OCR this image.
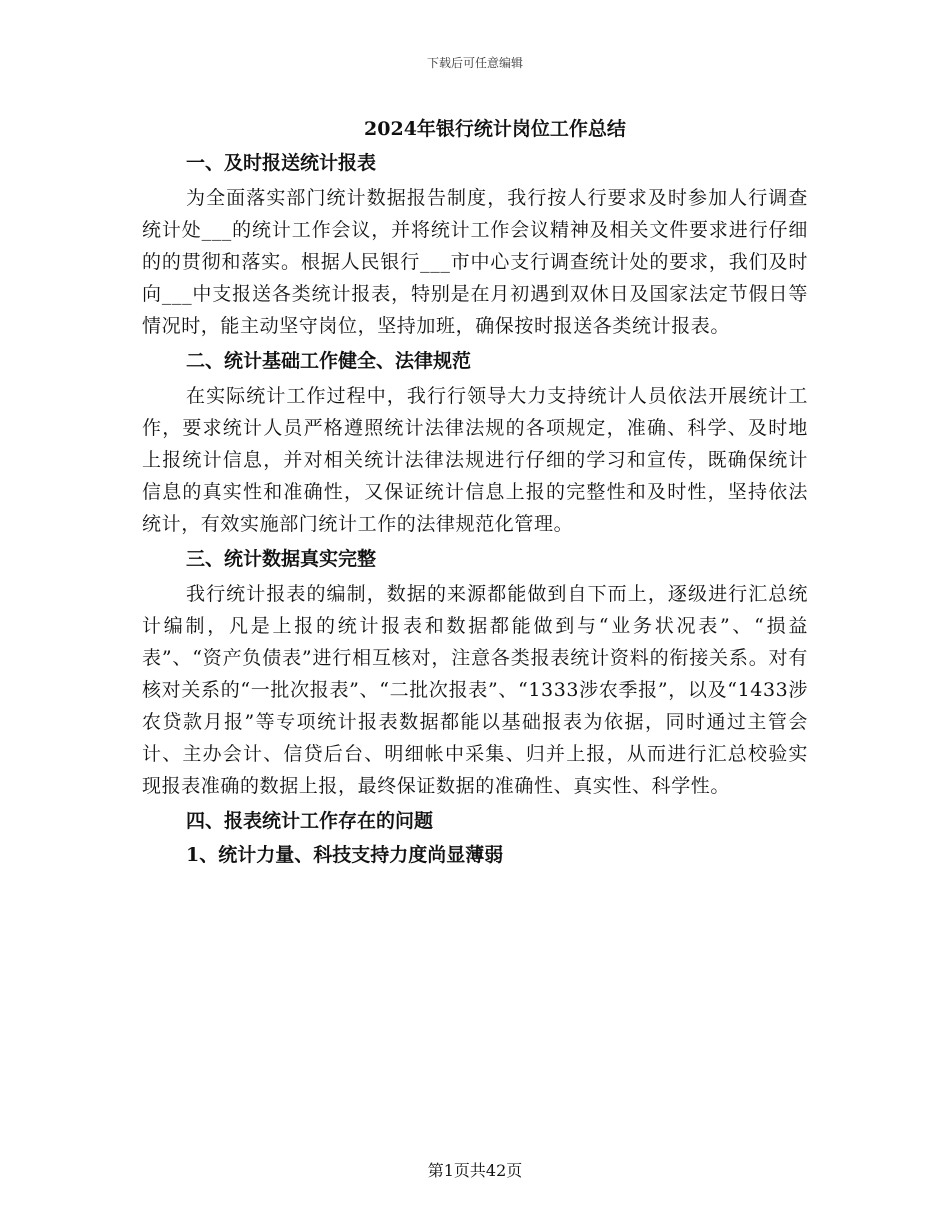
下载后可任意编辑
2024年银行统计岗位工作总结
一、及时报送统计报表

为全面落实部门统计数据报告制度，我行按人行要求及时参加人行调查统计处___的统计工作会议，并将统计工作会议精神及相关文件要求进行仔细的的贯彻和落实。根据人民银行___市中心支行调查统计处的要求，我们及时向___中支报送各类统计报表，特别是在月初遇到双休日及国家法定节假日等情况时，能主动坚守岗位，坚持加班，确保按时报送各类统计报表。

二、统计基础工作健全、法律规范

在实际统计工作过程中，我行行领导大力支持统计人员依法开展统计工作，要求统计人员严格遵照统计法律法规的各项规定，准确、科学、及时地上报统计信息，并对相关统计法律法规进行仔细的学习和宣传，既确保统计信息的真实性和准确性，又保证统计信息上报的完整性和及时性，坚持依法统计，有效实施部门统计工作的法律规范化管理。

三、统计数据真实完整

我行统计报表的编制，数据的来源都能做到自下而上，逐级进行汇总统计编制，凡是上报的统计报表和数据都能做到与“业务状况表”、“损益表”、“资产负债表”进行相互核对，注意各类报表统计资料的衔接关系。对有核对关系的“一批次报表”、“二批次报表”、“1333涉农季报”，以及“1433涉农贷款月报”等专项统计报表数据都能以基础报表为依据，同时通过主管会计、主办会计、信贷后台、明细帐中采集、归并上报，从而进行汇总校验实现报表准确的数据上报，最终保证数据的准确性、真实性、科学性。

四、报表统计工作存在的问题
1、统计力量、科技支持力度尚显薄弱
第1页共42页
